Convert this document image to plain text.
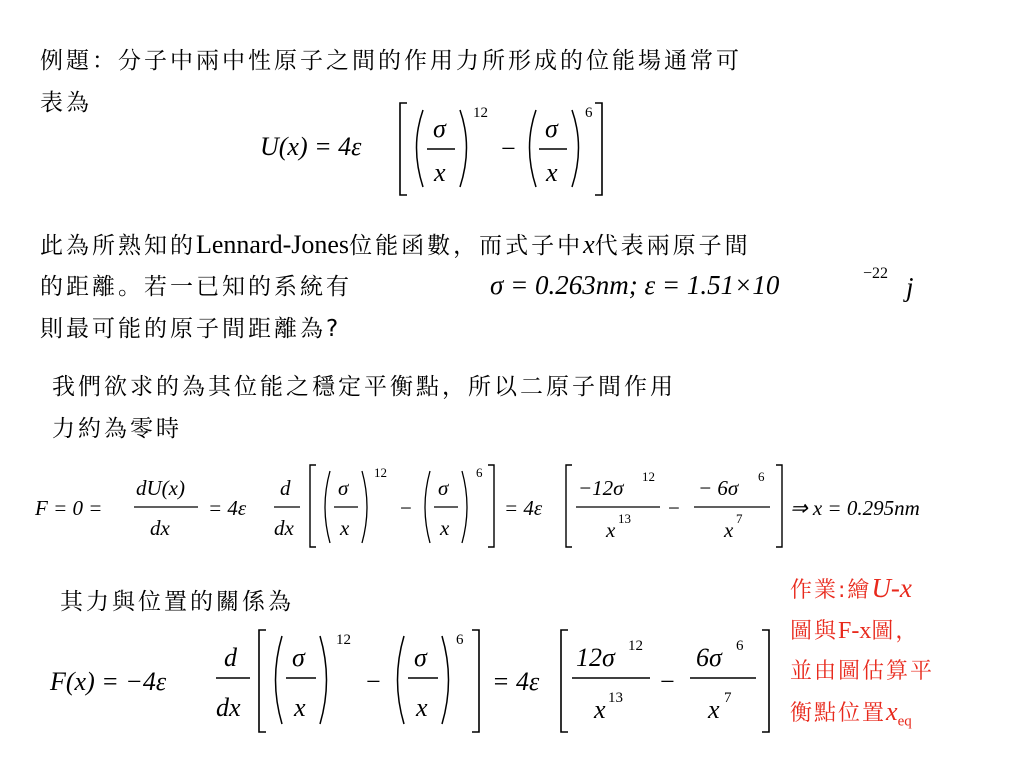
例題：分子中兩中性原子之間的作用力所形成的位能場通常可
表為
U(x) = 4ε
σ
x
12
−
σ
x
6
此為所熟知的Lennard-Jones位能函數，而式子中x代表兩原子間
的距離。若一已知的系統有	σ = 0.263nm; ε = 1.51×10	−22 j
則最可能的原子間距離為?
我們欲求的為其位能之穩定平衡點，所以二原子間作用
力約為零時
F = 0 =
dU(x)
dx
= 4ε
d
dx
σ
x
12
−
σ
x
6
= 4ε
−12σ 12
x 13 −
− 6σ 6
x 7 ⇒ x = 0.295nm
其力與位置的關係為
F(x) = −4ε
d
dx
σ
x
12
−
σ
x
6
= 4ε
12σ 12
x 13
−
6σ 6
x 7
作業:繪U-x
圖與F-x圖，
並由圖估算平
衡點位置$x_{eq}$
